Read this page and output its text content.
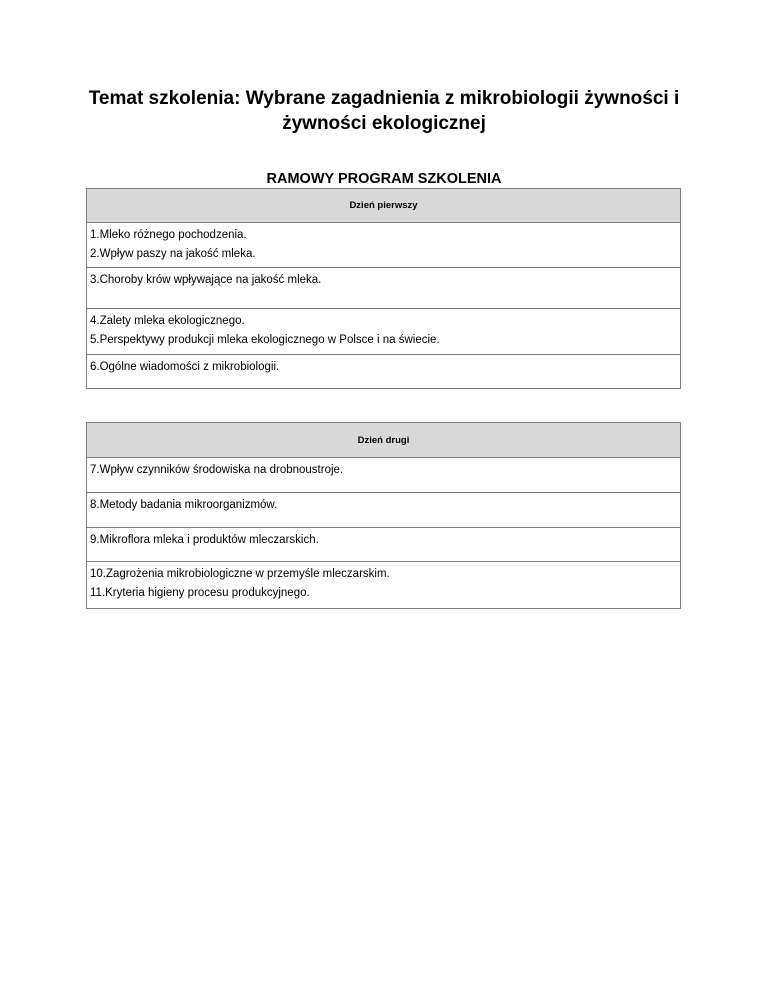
Temat szkolenia: Wybrane zagadnienia z mikrobiologii żywności i
żywności ekologicznej
RAMOWY PROGRAM SZKOLENIA
Dzień pierwszy

1.Mleko różnego pochodzenia.
2.Wpływ paszy na jakość mleka.

3.Choroby krów wpływające na jakość mleka.

4.Zalety mleka ekologicznego.
5.Perspektywy produkcji mleka ekologicznego w Polsce i na świecie.

6.Ogólne wiadomości z mikrobiologii.
Dzień drugi

7.Wpływ czynników środowiska na drobnoustroje.

8.Metody badania mikroorganizmów.

9.Mikroflora mleka i produktów mleczarskich.

10.Zagrożenia mikrobiologiczne w przemyśle mleczarskim.
11.Kryteria higieny procesu produkcyjnego.
